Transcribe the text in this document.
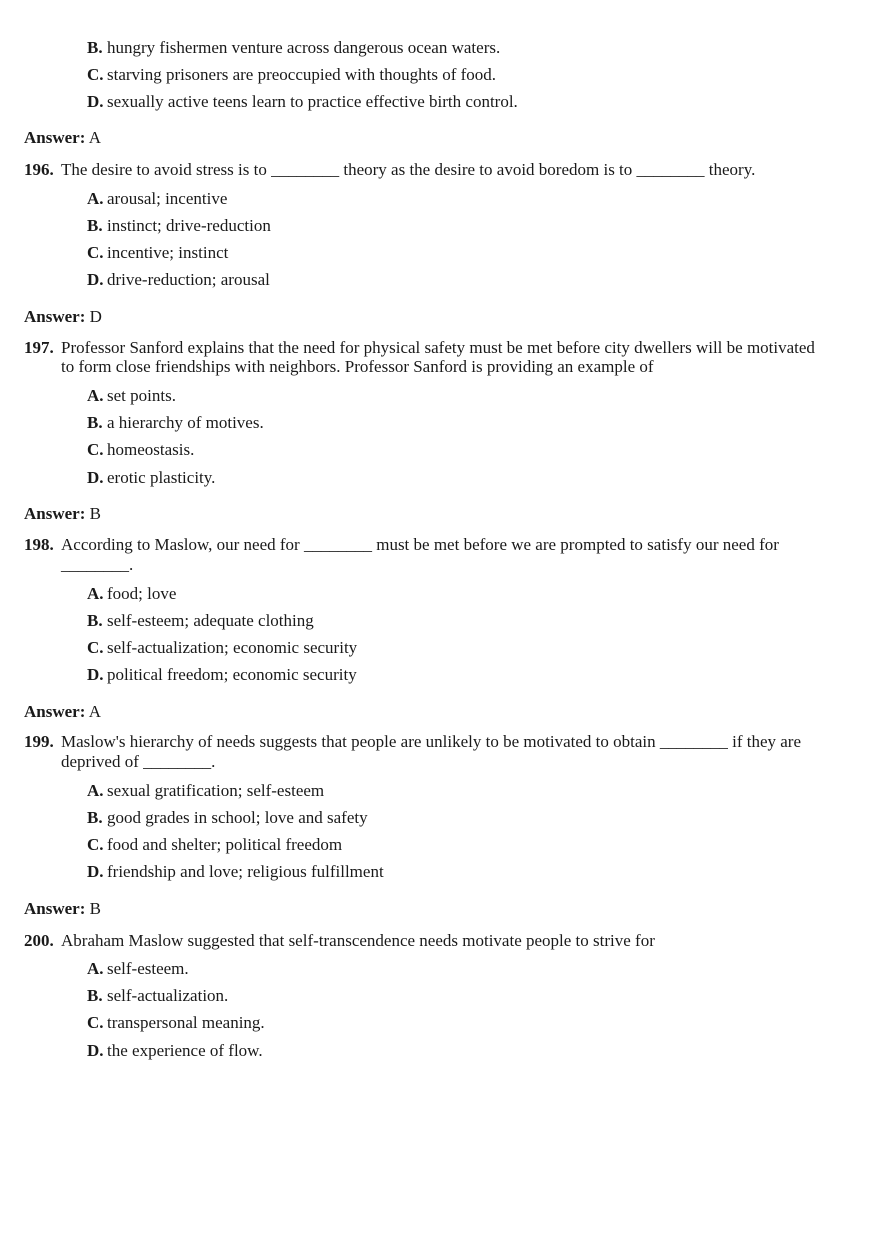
B. hungry fishermen venture across dangerous ocean waters.
C. starving prisoners are preoccupied with thoughts of food.
D. sexually active teens learn to practice effective birth control.
Answer: A
196. The desire to avoid stress is to ________ theory as the desire to avoid boredom is to ________ theory.
A. arousal; incentive
B. instinct; drive-reduction
C. incentive; instinct
D. drive-reduction; arousal
Answer: D
197. Professor Sanford explains that the need for physical safety must be met before city dwellers will be motivated
to form close friendships with neighbors. Professor Sanford is providing an example of
A. set points.
B. a hierarchy of motives.
C. homeostasis.
D. erotic plasticity.
Answer: B
198. According to Maslow, our need for ________ must be met before we are prompted to satisfy our need for
________.
A. food; love
B. self-esteem; adequate clothing
C. self-actualization; economic security
D. political freedom; economic security
Answer: A
199. Maslow's hierarchy of needs suggests that people are unlikely to be motivated to obtain ________ if they are
deprived of ________.
A. sexual gratification; self-esteem
B. good grades in school; love and safety
C. food and shelter; political freedom
D. friendship and love; religious fulfillment
Answer: B
200. Abraham Maslow suggested that self-transcendence needs motivate people to strive for
A. self-esteem.
B. self-actualization.
C. transpersonal meaning.
D. the experience of flow.
